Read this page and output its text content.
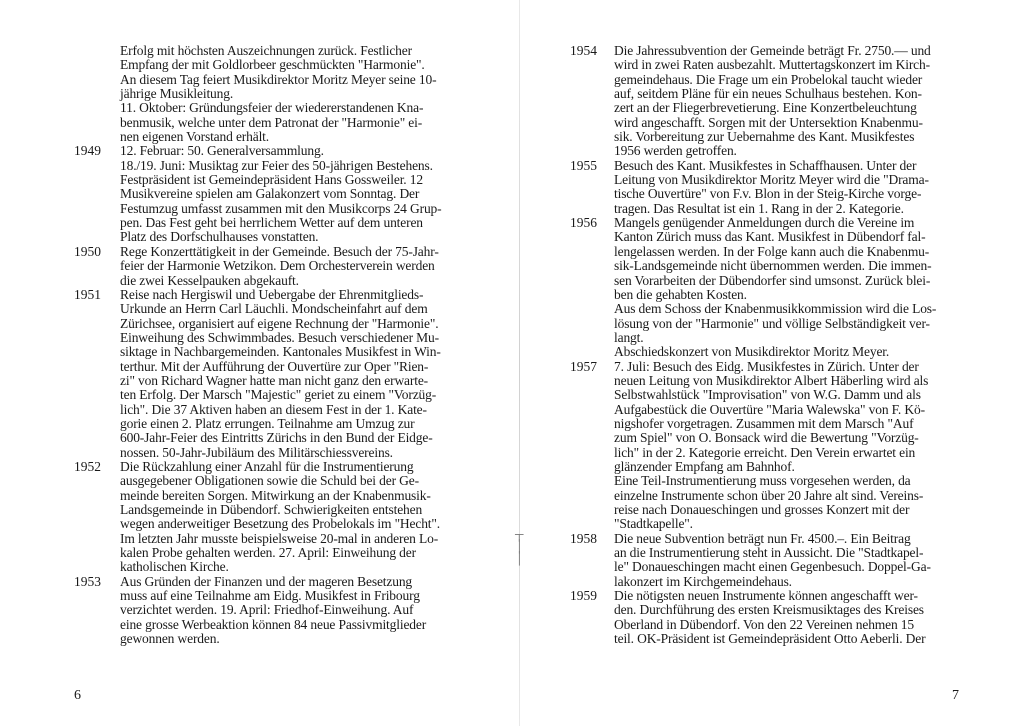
Erfolg mit höchsten Auszeichnungen zurück. Festlicher
Empfang der mit Goldlorbeer geschmückten "Harmonie".
An diesem Tag feiert Musikdirektor Moritz Meyer seine 10-
jährige Musikleitung.
11. Oktober: Gründungsfeier der wiedererstandenen Kna-
benmusik, welche unter dem Patronat der "Harmonie" ei-
nen eigenen Vorstand erhält.
1949	12. Februar: 50. Generalversammlung.
18./19. Juni: Musiktag zur Feier des 50-jährigen Bestehens.
Festpräsident ist Gemeindepräsident Hans Gossweiler. 12
Musikvereine spielen am Galakonzert vom Sonntag. Der
Festumzug umfasst zusammen mit den Musikcorps 24 Grup-
pen. Das Fest geht bei herrlichem Wetter auf dem unteren
Platz des Dorfschulhauses vonstatten.
1950	Rege Konzerttätigkeit in der Gemeinde. Besuch der 75-Jahr-
feier der Harmonie Wetzikon. Dem Orchesterverein werden
die zwei Kesselpauken abgekauft.
1951	Reise nach Hergiswil und Uebergabe der Ehrenmitglieds-
Urkunde an Herrn Carl Läuchli. Mondscheinfahrt auf dem
Zürichsee, organisiert auf eigene Rechnung der "Harmonie".
Einweihung des Schwimmbades. Besuch verschiedener Mu-
siktage in Nachbargemeinden. Kantonales Musikfest in Win-
terthur. Mit der Aufführung der Ouvertüre zur Oper "Rien-
zi" von Richard Wagner hatte man nicht ganz den erwarte-
ten Erfolg. Der Marsch "Majestic" geriet zu einem "Vorzüg-
lich". Die 37 Aktiven haben an diesem Fest in der 1. Kate-
gorie einen 2. Platz errungen. Teilnahme am Umzug zur
600-Jahr-Feier des Eintritts Zürichs in den Bund der Eidge-
nossen. 50-Jahr-Jubiläum des Militärschiessvereins.
1952	Die Rückzahlung einer Anzahl für die Instrumentierung
ausgegebener Obligationen sowie die Schuld bei der Ge-
meinde bereiten Sorgen. Mitwirkung an der Knabenmusik-
Landsgemeinde in Dübendorf. Schwierigkeiten entstehen
wegen anderweitiger Besetzung des Probelokals im "Hecht".
Im letzten Jahr musste beispielsweise 20-mal in anderen Lo-
kalen Probe gehalten werden. 27. April: Einweihung der
katholischen Kirche.
1953	Aus Gründen der Finanzen und der mageren Besetzung
muss auf eine Teilnahme am Eidg. Musikfest in Fribourg
verzichtet werden. 19. April: Friedhof-Einweihung. Auf
eine grosse Werbeaktion können 84 neue Passivmitglieder
gewonnen werden.
6
┬
│
│
1954	Die Jahressubvention der Gemeinde beträgt Fr. 2750.— und
wird in zwei Raten ausbezahlt. Muttertagskonzert im Kirch-
gemeindehaus. Die Frage um ein Probelokal taucht wieder
auf, seitdem Pläne für ein neues Schulhaus bestehen. Kon-
zert an der Fliegerbrevetierung. Eine Konzertbeleuchtung
wird angeschafft. Sorgen mit der Untersektion Knabenmu-
sik. Vorbereitung zur Uebernahme des Kant. Musikfestes
1956 werden getroffen.
1955	Besuch des Kant. Musikfestes in Schaffhausen. Unter der
Leitung von Musikdirektor Moritz Meyer wird die "Drama-
tische Ouvertüre" von F.v. Blon in der Steig-Kirche vorge-
tragen. Das Resultat ist ein 1. Rang in der 2. Kategorie.
1956	Mangels genügender Anmeldungen durch die Vereine im
Kanton Zürich muss das Kant. Musikfest in Dübendorf fal-
lengelassen werden. In der Folge kann auch die Knabenmu-
sik-Landsgemeinde nicht übernommen werden. Die immen-
sen Vorarbeiten der Dübendorfer sind umsonst. Zurück blei-
ben die gehabten Kosten.
Aus dem Schoss der Knabenmusikkommission wird die Los-
lösung von der "Harmonie" und völlige Selbständigkeit ver-
langt.
Abschiedskonzert von Musikdirektor Moritz Meyer.
1957	7. Juli: Besuch des Eidg. Musikfestes in Zürich. Unter der
neuen Leitung von Musikdirektor Albert Häberling wird als
Selbstwahlstück "Improvisation" von W.G. Damm und als
Aufgabestück die Ouvertüre "Maria Walewska" von F. Kö-
nigshofer vorgetragen. Zusammen mit dem Marsch "Auf
zum Spiel" von O. Bonsack wird die Bewertung "Vorzüg-
lich" in der 2. Kategorie erreicht. Den Verein erwartet ein
glänzender Empfang am Bahnhof.
Eine Teil-Instrumentierung muss vorgesehen werden, da
einzelne Instrumente schon über 20 Jahre alt sind. Vereins-
reise nach Donaueschingen und grosses Konzert mit der
"Stadtkapelle".
1958	Die neue Subvention beträgt nun Fr. 4500.–. Ein Beitrag
an die Instrumentierung steht in Aussicht. Die "Stadtkapel-
le" Donaueschingen macht einen Gegenbesuch. Doppel-Ga-
lakonzert im Kirchgemeindehaus.
1959	Die nötigsten neuen Instrumente können angeschafft wer-
den. Durchführung des ersten Kreismusiktages des Kreises
Oberland in Dübendorf. Von den 22 Vereinen nehmen 15
teil. OK-Präsident ist Gemeindepräsident Otto Aeberli. Der
7
